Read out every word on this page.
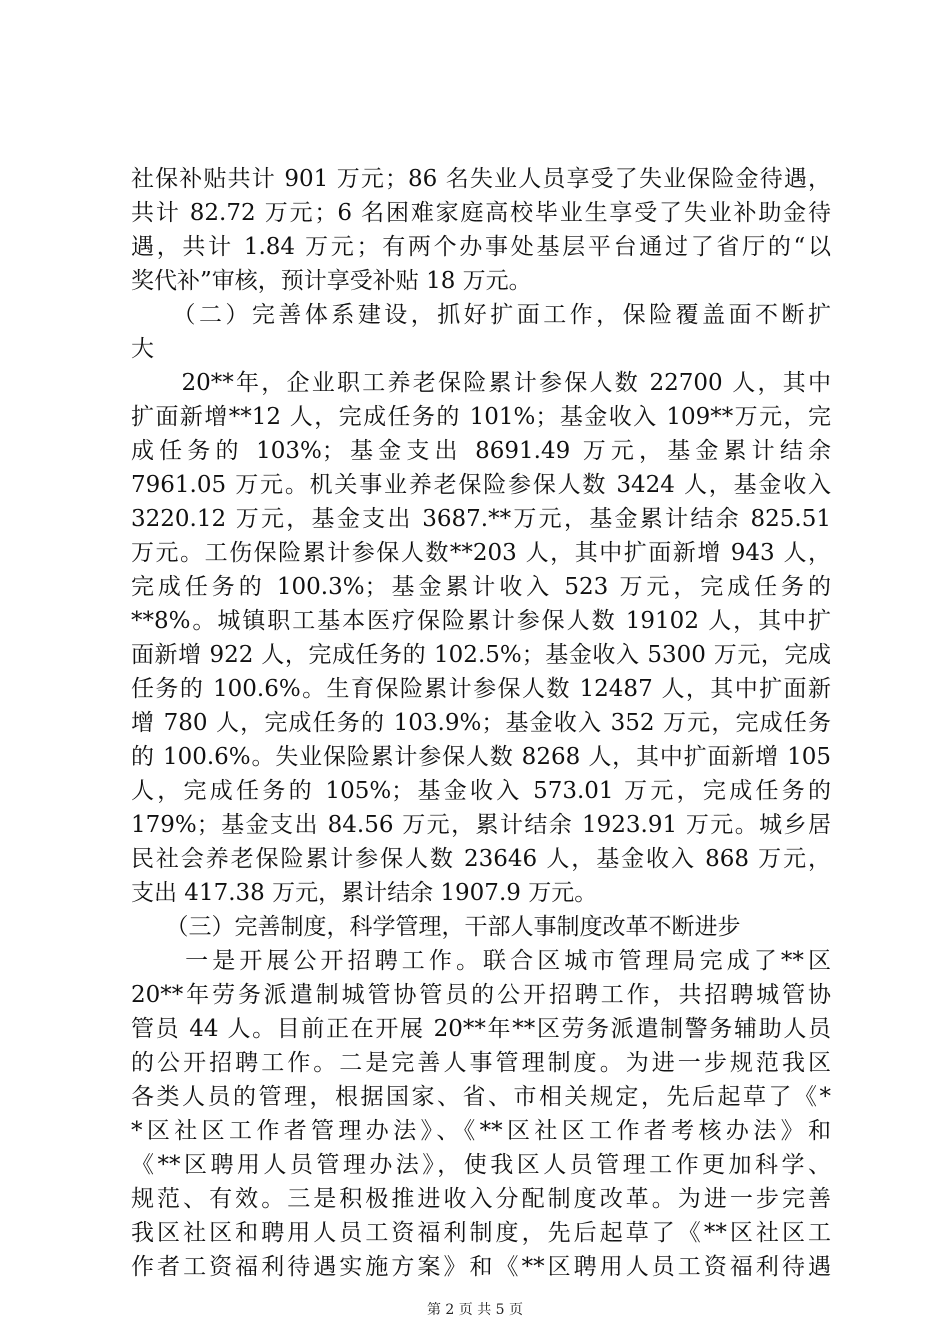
社保补贴共计 901 万元；86 名失业人员享受了失业保险金待遇，
共计 82.72 万元；6 名困难家庭高校毕业生享受了失业补助金待
遇，共计 1.84 万元；有两个办事处基层平台通过了省厅的“以
奖代补”审核，预计享受补贴 18 万元。
　　（二）完善体系建设，抓好扩面工作，保险覆盖面不断扩
大
　　20**年，企业职工养老保险累计参保人数 22700 人，其中
扩面新增**12 人，完成任务的 101%；基金收入 109**万元，完
成任务的 103%；基金支出 8691.49 万元，基金累计结余
7961.05 万元。机关事业养老保险参保人数 3424 人，基金收入
3220.12 万元，基金支出 3687.**万元，基金累计结余 825.51
万元。工伤保险累计参保人数**203 人，其中扩面新增 943 人，
完成任务的 100.3%；基金累计收入 523 万元，完成任务的
**8%。城镇职工基本医疗保险累计参保人数 19102 人，其中扩
面新增 922 人，完成任务的 102.5%；基金收入 5300 万元，完成
任务的 100.6%。生育保险累计参保人数 12487 人，其中扩面新
增 780 人，完成任务的 103.9%；基金收入 352 万元，完成任务
的 100.6%。失业保险累计参保人数 8268 人，其中扩面新增 105
人，完成任务的 105%；基金收入 573.01 万元，完成任务的
179%；基金支出 84.56 万元，累计结余 1923.91 万元。城乡居
民社会养老保险累计参保人数 23646 人，基金收入 868 万元，
支出 417.38 万元，累计结余 1907.9 万元。
　　（三）完善制度，科学管理，干部人事制度改革不断进步
　　一是开展公开招聘工作。联合区城市管理局完成了**区
20**年劳务派遣制城管协管员的公开招聘工作，共招聘城管协
管员 44 人。目前正在开展 20**年**区劳务派遣制警务辅助人员
的公开招聘工作。二是完善人事管理制度。为进一步规范我区
各类人员的管理，根据国家、省、市相关规定，先后起草了《*
*区社区工作者管理办法》、《**区社区工作者考核办法》和
《**区聘用人员管理办法》，使我区人员管理工作更加科学、
规范、有效。三是积极推进收入分配制度改革。为进一步完善
我区社区和聘用人员工资福利制度，先后起草了《**区社区工
作者工资福利待遇实施方案》和《**区聘用人员工资福利待遇
第 2 页 共 5 页
